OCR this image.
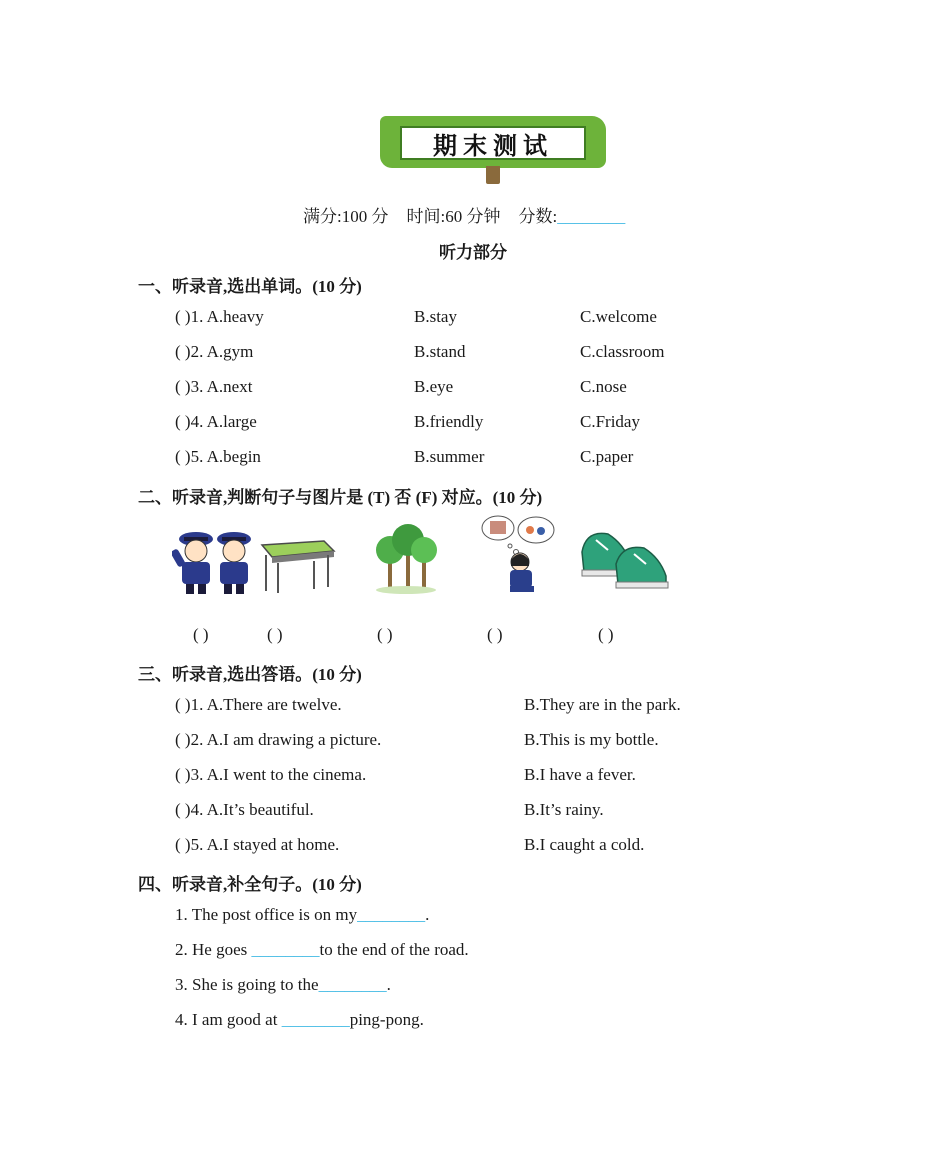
期末测试
满分:100 分 时间:60 分钟 分数:________
听力部分
一、听录音,选出单词。(10 分)
( )1. A.heavy	B.stay	C.welcome
( )2. A.gym	B.stand	C.classroom
( )3. A.next	B.eye	C.nose
( )4. A.large	B.friendly	C.Friday
( )5. A.begin	B.summer	C.paper
二、听录音,判断句子与图片是 (T) 否 (F) 对应。(10 分)
( )	( )	( )	( )	( )
三、听录音,选出答语。(10 分)
( )1. A.There are twelve.	B.They are in the park.
( )2. A.I am drawing a picture.	B.This is my bottle.
( )3. A.I went to the cinema.	B.I have a fever.
( )4. A.It’s beautiful.	B.It’s rainy.
( )5. A.I stayed at home.	B.I caught a cold.
四、听录音,补全句子。(10 分)
1. The post office is on my________.
2. He goes ________to the end of the road.
3. She is going to the________.
4. I am good at ________ping-pong.
